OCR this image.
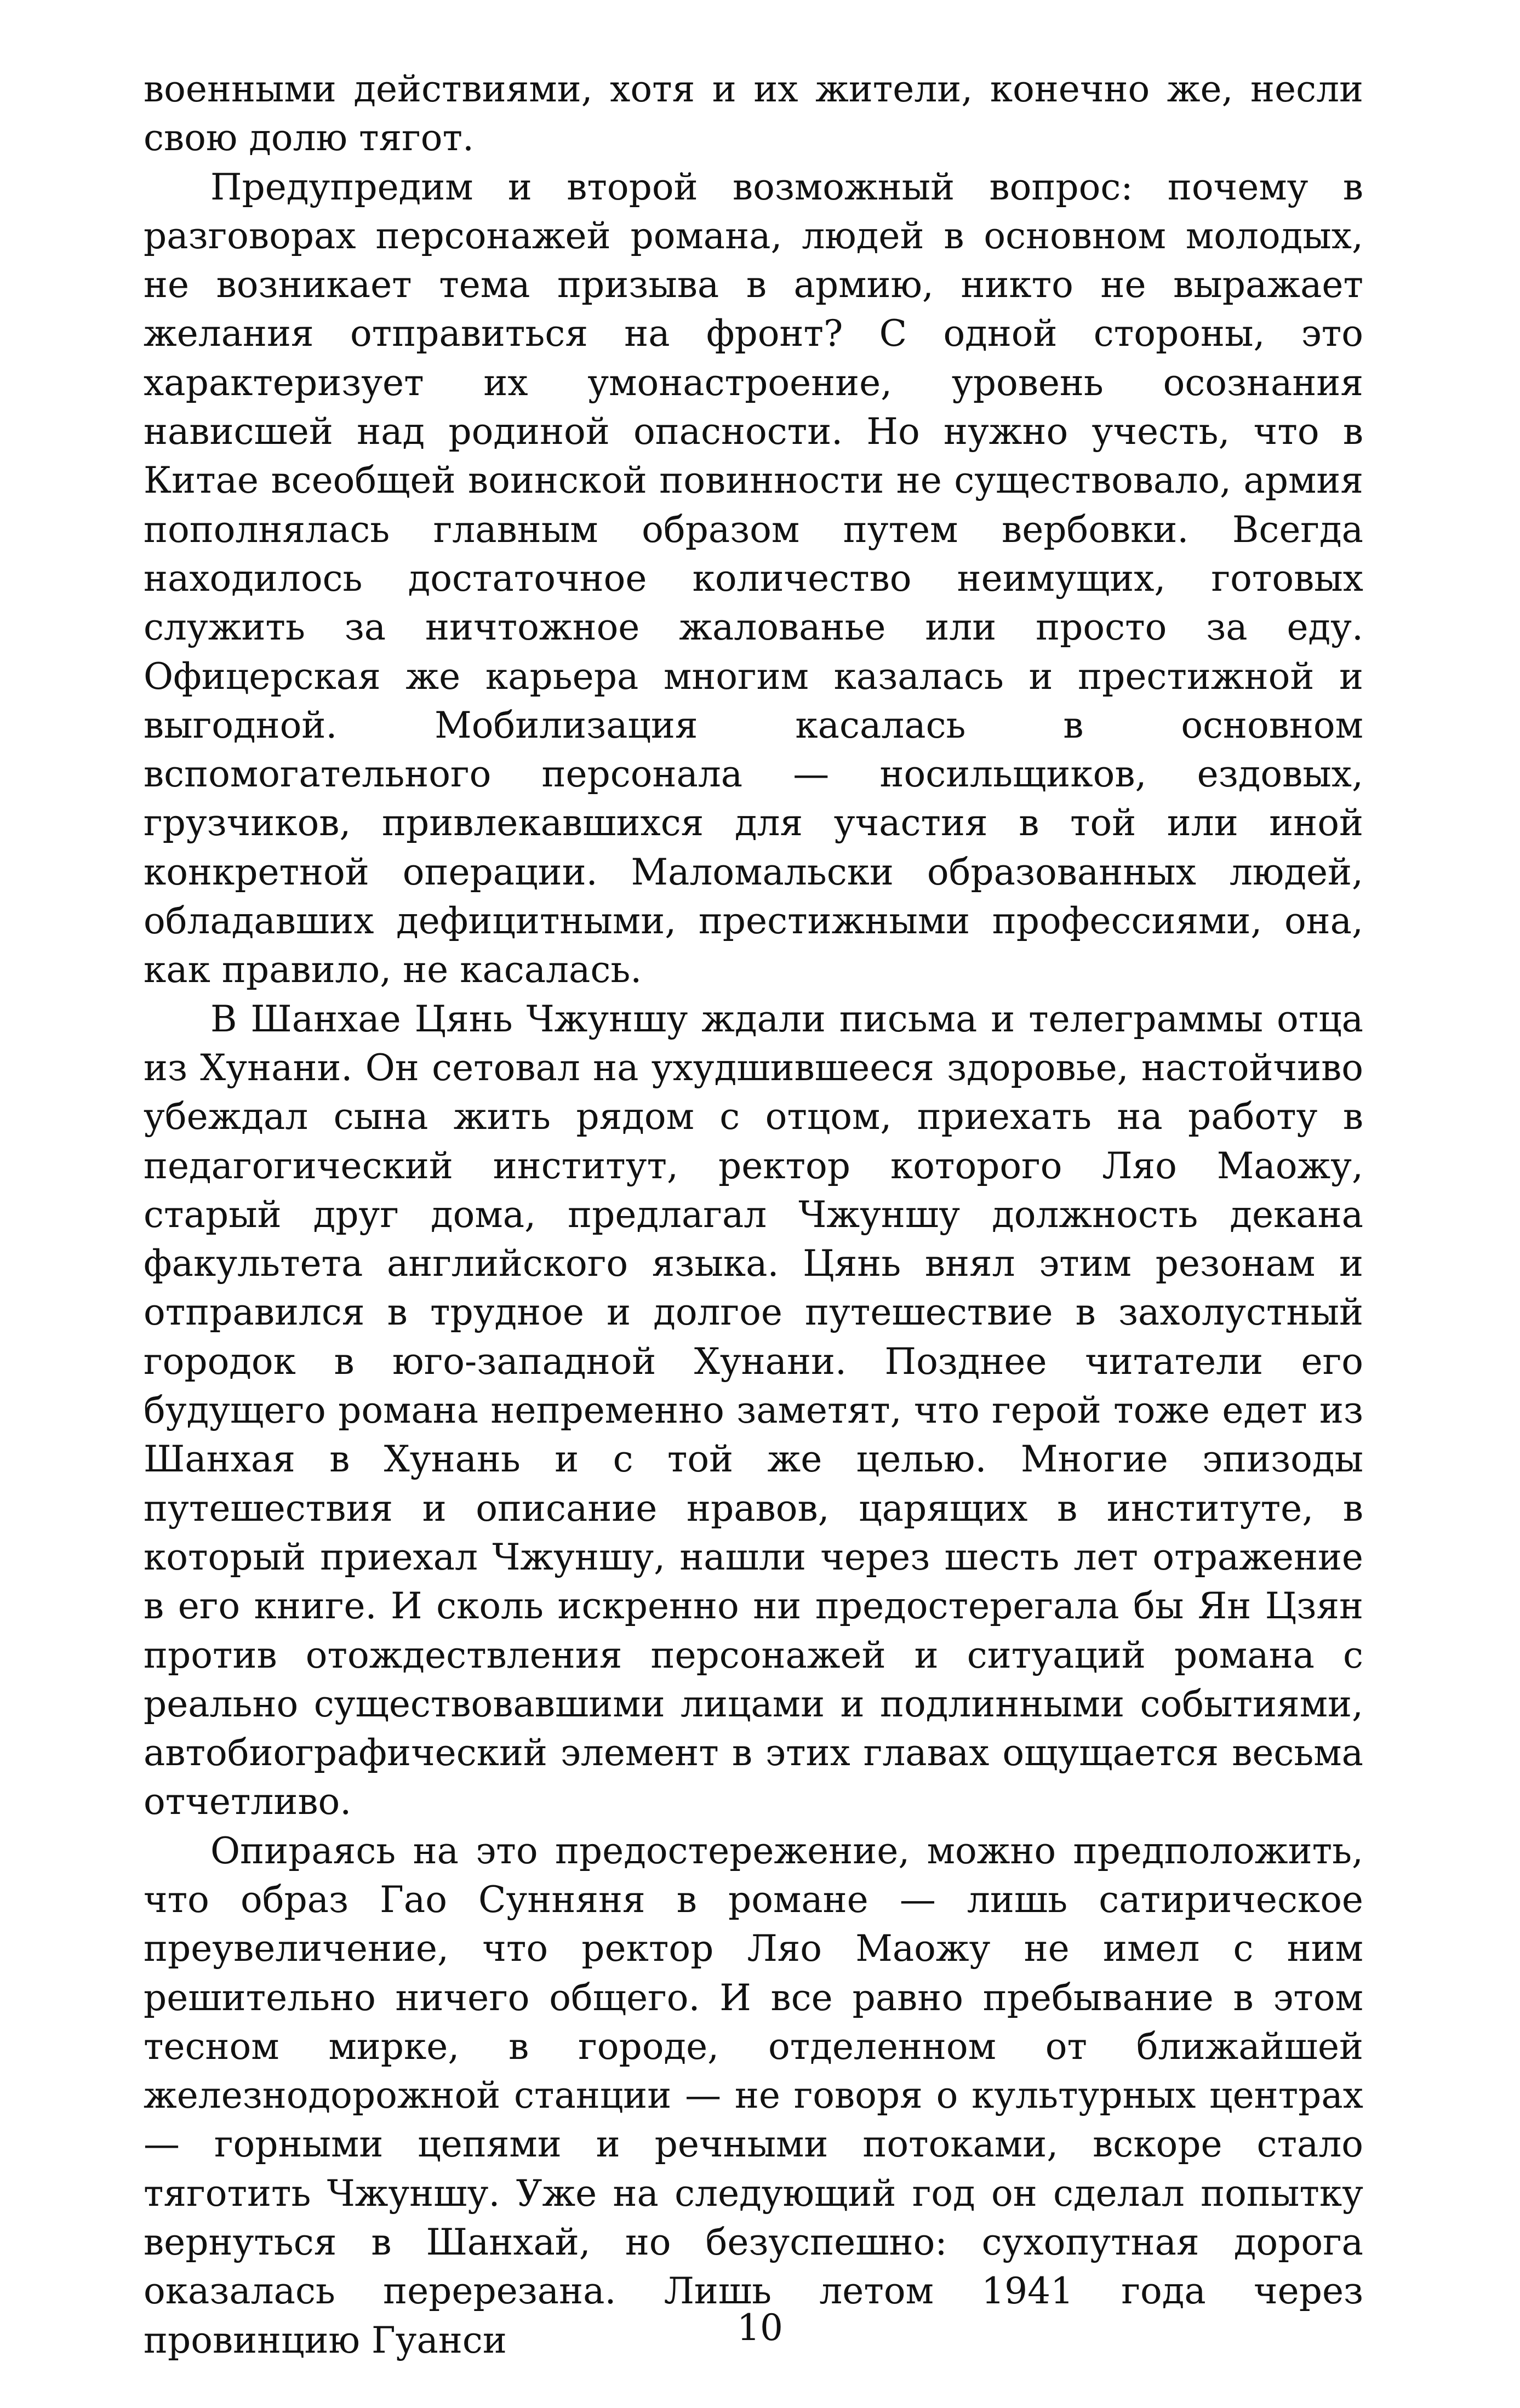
военными действиями, хотя и их жители, конечно же, несли свою долю тягот.

Предупредим и второй возможный вопрос: почему в разговорах персонажей романа, людей в основном молодых, не возникает тема призыва в армию, никто не выражает желания отправиться на фронт? С одной стороны, это характеризует их умонастроение, уровень осознания нависшей над родиной опасности. Но нужно учесть, что в Китае всеобщей воинской повинности не существовало, армия пополнялась главным образом путем вербовки. Всегда находилось достаточное количество неимущих, готовых служить за ничтожное жалованье или просто за еду. Офицерская же карьера многим казалась и престижной и выгодной. Мобилизация касалась в основном вспомогательного персонала — носильщиков, ездовых, грузчиков, привлекавшихся для участия в той или иной конкретной операции. Маломальски образованных людей, обладавших дефицитными, престижными профессиями, она, как правило, не касалась.

В Шанхае Цянь Чжуншу ждали письма и телеграммы отца из Хунани. Он сетовал на ухудшившееся здоровье, настойчиво убеждал сына жить рядом с отцом, приехать на работу в педагогический институт, ректор которого Ляо Маожу, старый друг дома, предлагал Чжуншу должность декана факультета английского языка. Цянь внял этим резонам и отправился в трудное и долгое путешествие в захолустный городок в юго-западной Хунани. Позднее читатели его будущего романа непременно заметят, что герой тоже едет из Шанхая в Хунань и с той же целью. Многие эпизоды путешествия и описание нравов, царящих в институте, в который приехал Чжуншу, нашли через шесть лет отражение в его книге. И сколь искренно ни предостерегала бы Ян Цзян против отождествления персонажей и ситуаций романа с реально существовавшими лицами и подлинными событиями, автобиографический элемент в этих главах ощущается весьма отчетливо.

Опираясь на это предостережение, можно предположить, что образ Гао Сунняня в романе — лишь сатирическое преувеличение, что ректор Ляо Маожу не имел с ним решительно ничего общего. И все равно пребывание в этом тесном мирке, в городе, отделенном от ближайшей железнодорожной станции — не говоря о культурных центрах — горными цепями и речными потоками, вскоре стало тяготить Чжуншу. Уже на следующий год он сделал попытку вернуться в Шанхай, но безуспешно: сухопутная дорога оказалась перерезана. Лишь летом 1941 года через провинцию Гуанси	10
